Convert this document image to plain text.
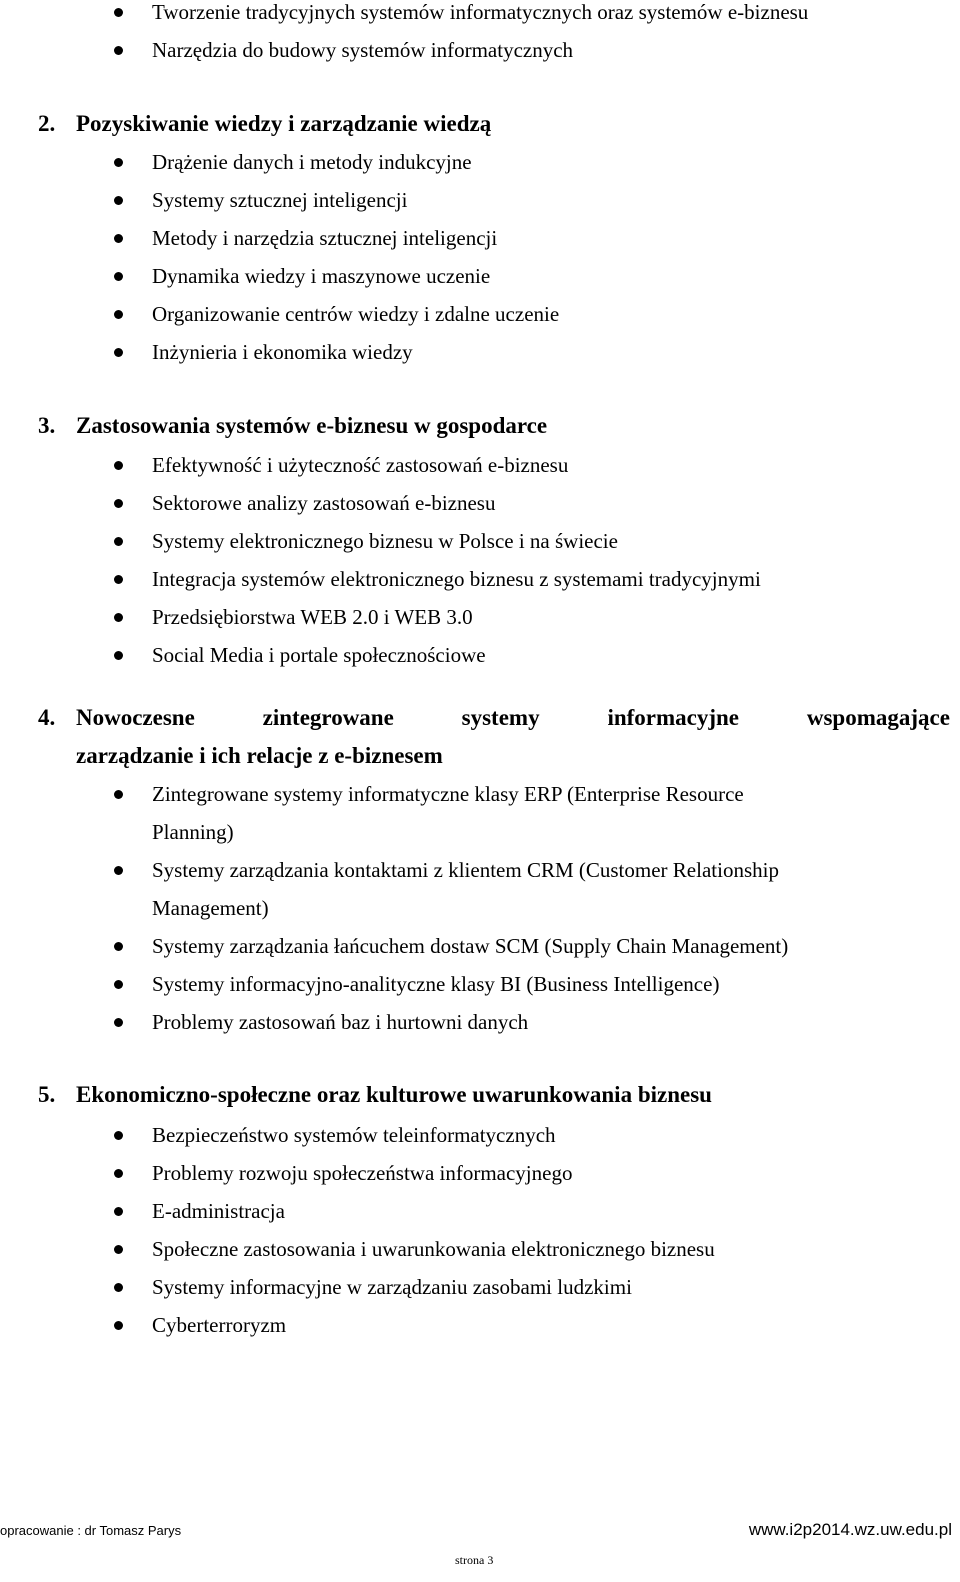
Tworzenie tradycyjnych systemów informatycznych oraz systemów e-biznesu
Narzędzia do budowy systemów informatycznych
2. Pozyskiwanie wiedzy i zarządzanie wiedzą
Drążenie danych i metody indukcyjne
Systemy sztucznej inteligencji
Metody i narzędzia sztucznej inteligencji
Dynamika wiedzy i maszynowe uczenie
Organizowanie centrów wiedzy i zdalne uczenie
Inżynieria i ekonomika wiedzy
3. Zastosowania systemów e-biznesu w gospodarce
Efektywność i użyteczność zastosowań e-biznesu
Sektorowe analizy zastosowań e-biznesu
Systemy elektronicznego biznesu w Polsce i na świecie
Integracja systemów elektronicznego biznesu z systemami tradycyjnymi
Przedsiębiorstwa WEB 2.0 i WEB 3.0
Social Media i portale społecznościowe
4. Nowoczesne	zintegrowane	systemy	informacyjne	wspomagające
zarządzanie i ich relacje z e-biznesem
Zintegrowane systemy informatyczne klasy ERP (Enterprise Resource
Planning)
Systemy zarządzania kontaktami z klientem CRM (Customer Relationship
Management)
Systemy zarządzania łańcuchem dostaw SCM (Supply Chain Management)
Systemy informacyjno-analityczne klasy BI (Business Intelligence)
Problemy zastosowań baz i hurtowni danych
5. Ekonomiczno-społeczne oraz kulturowe uwarunkowania biznesu
Bezpieczeństwo systemów teleinformatycznych
Problemy rozwoju społeczeństwa informacyjnego
E-administracja
Społeczne zastosowania i uwarunkowania elektronicznego biznesu
Systemy informacyjne w zarządzaniu zasobami ludzkimi
Cyberterroryzm
opracowanie : dr Tomasz Parys	www.i2p2014.wz.uw.edu.pl
strona 3
